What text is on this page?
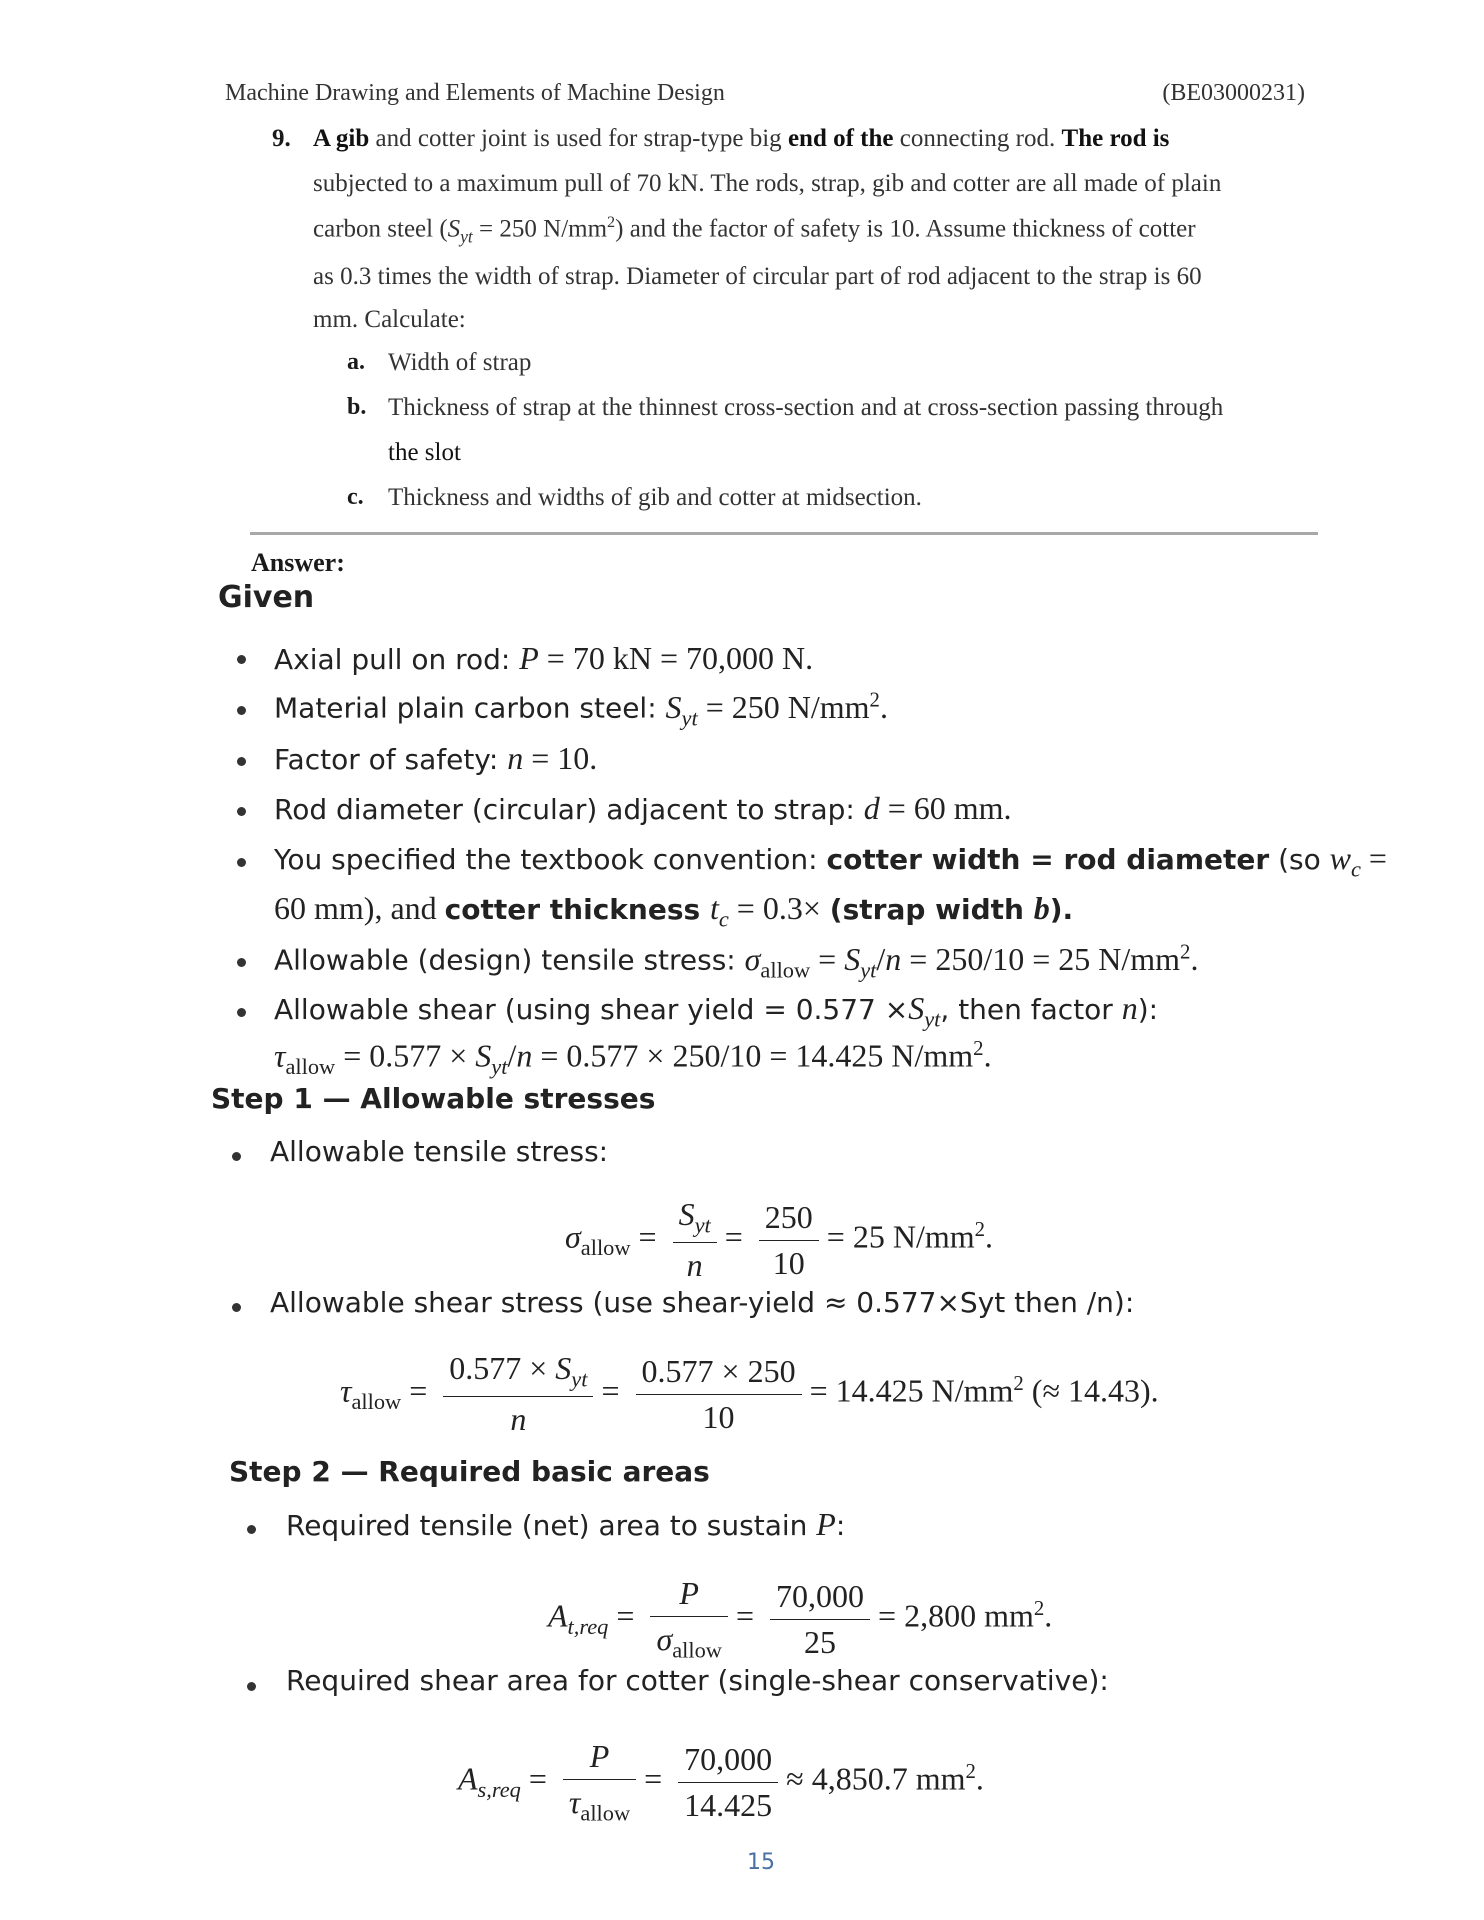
Machine Drawing and Elements of Machine Design	(BE03000231)
9. A gib and cotter joint is used for strap-type big end of the connecting rod. The rod is
subjected to a maximum pull of 70 kN. The rods, strap, gib and cotter are all made of plain
carbon steel ($S_{yt} = 250$ $N/mm^2$) and the factor of safety is 10. Assume thickness of cotter
as 0.3 times the width of strap. Diameter of circular part of rod adjacent to the strap is 60
mm. Calculate:
a. Width of strap
b. Thickness of strap at the thinnest cross-section and at cross-section passing through
the slot
c. Thickness and widths of gib and cotter at midsection.
Answer:
Given
Axial pull on rod: P = 70 kN = 70,000 N.
Material plain carbon steel: $S_{yt} = 250$ $N/mm^2$.
Factor of safety: n = 10.
Rod diameter (circular) adjacent to strap: d = 60 mm.
You specified the textbook convention: cotter width = rod diameter (so $w_c$ =
60 mm), and cotter thickness $t_c = 0.3\times$ (strap width b).
Allowable (design) tensile stress: $\sigma_{allow} = S_{yt}/n = 250/10 = 25$ $N/mm^2$.
Allowable shear (using shear yield = $0.577 \times S_{yt}$, then factor n):
$\tau_{allow} = 0.577 \times S_{yt}/n = 0.577 \times 250/10 = 14.425$ $N/mm^2$.
Step 1 — Allowable stresses
Allowable tensile stress:
$\sigma_{allow} = \frac{S_{yt}}{n} = \frac{250}{10} = 25$ $N/mm^2$.
Allowable shear stress (use shear-yield ≈ 0.577×Syt then /n):
$\tau_{allow} = \frac{0.577 \times S_{yt}}{n} = \frac{0.577 \times 250}{10} = 14.425$ $N/mm^2$ (≈ 14.43).
Step 2 — Required basic areas
Required tensile (net) area to sustain P:
$A_{t,req} = \frac{P}{\sigma_{allow}} = \frac{70,000}{25} = 2,800$ $mm^2$.
Required shear area for cotter (single-shear conservative):
$A_{s,req} = \frac{P}{\tau_{allow}} = \frac{70,000}{14.425} \approx 4,850.7$ $mm^2$.
15
